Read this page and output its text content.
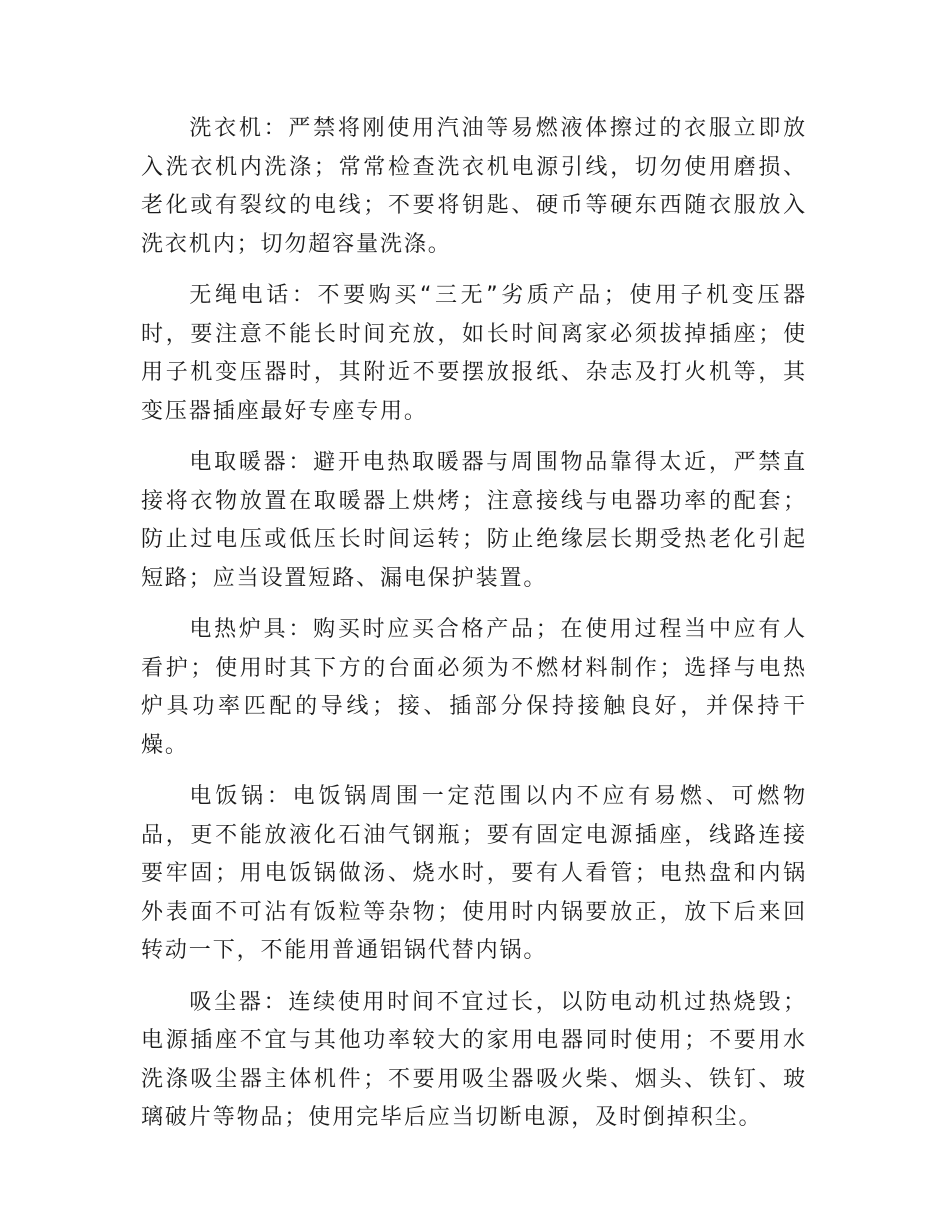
洗衣机：严禁将刚使用汽油等易燃液体擦过的衣服立即放入洗衣机内洗涤；常常检查洗衣机电源引线，切勿使用磨损、老化或有裂纹的电线；不要将钥匙、硬币等硬东西随衣服放入洗衣机内；切勿超容量洗涤。

无绳电话：不要购买“三无”劣质产品；使用子机变压器时，要注意不能长时间充放，如长时间离家必须拔掉插座；使用子机变压器时，其附近不要摆放报纸、杂志及打火机等，其变压器插座最好专座专用。

电取暖器：避开电热取暖器与周围物品靠得太近，严禁直接将衣物放置在取暖器上烘烤；注意接线与电器功率的配套；防止过电压或低压长时间运转；防止绝缘层长期受热老化引起短路；应当设置短路、漏电保护装置。

电热炉具：购买时应买合格产品；在使用过程当中应有人看护；使用时其下方的台面必须为不燃材料制作；选择与电热炉具功率匹配的导线；接、插部分保持接触良好，并保持干燥。

电饭锅：电饭锅周围一定范围以内不应有易燃、可燃物品，更不能放液化石油气钢瓶；要有固定电源插座，线路连接要牢固；用电饭锅做汤、烧水时，要有人看管；电热盘和内锅外表面不可沾有饭粒等杂物；使用时内锅要放正，放下后来回转动一下，不能用普通铝锅代替内锅。

吸尘器：连续使用时间不宜过长，以防电动机过热烧毁；电源插座不宜与其他功率较大的家用电器同时使用；不要用水洗涤吸尘器主体机件；不要用吸尘器吸火柴、烟头、铁钉、玻璃破片等物品；使用完毕后应当切断电源，及时倒掉积尘。
